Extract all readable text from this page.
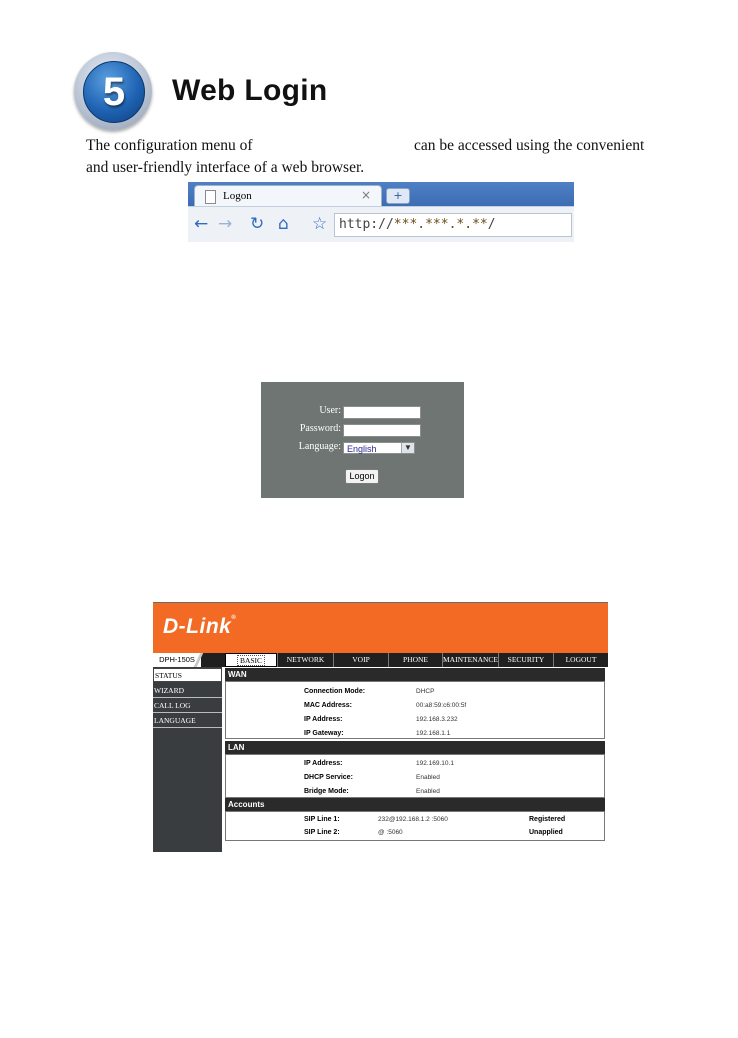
5	Web Login
The configuration menu of	can be accessed using the convenient
and user-friendly interface of a web browser.
Logon	×	+
← → ↻ ⌂ ☆ http://***.***.*.**/
User:
Password:
Language: English	▼
Logon
D-Link®
DPH-150S	BASIC	NETWORK	VOIP	PHONE	MAINTENANCE	SECURITY	LOGOUT
STATUS
WIZARD
CALL LOG
LANGUAGE
WAN
Connection Mode:	DHCP
MAC Address:	00:a8:59:c6:00:5f
IP Address:	192.168.3.232
IP Gateway:	192.168.1.1
LAN
IP Address:	192.169.10.1
DHCP Service:	Enabled
Bridge Mode:	Enabled
Accounts
SIP Line 1:	232@192.168.1.2 :5060	Registered
SIP Line 2:	@ :5060	Unapplied
